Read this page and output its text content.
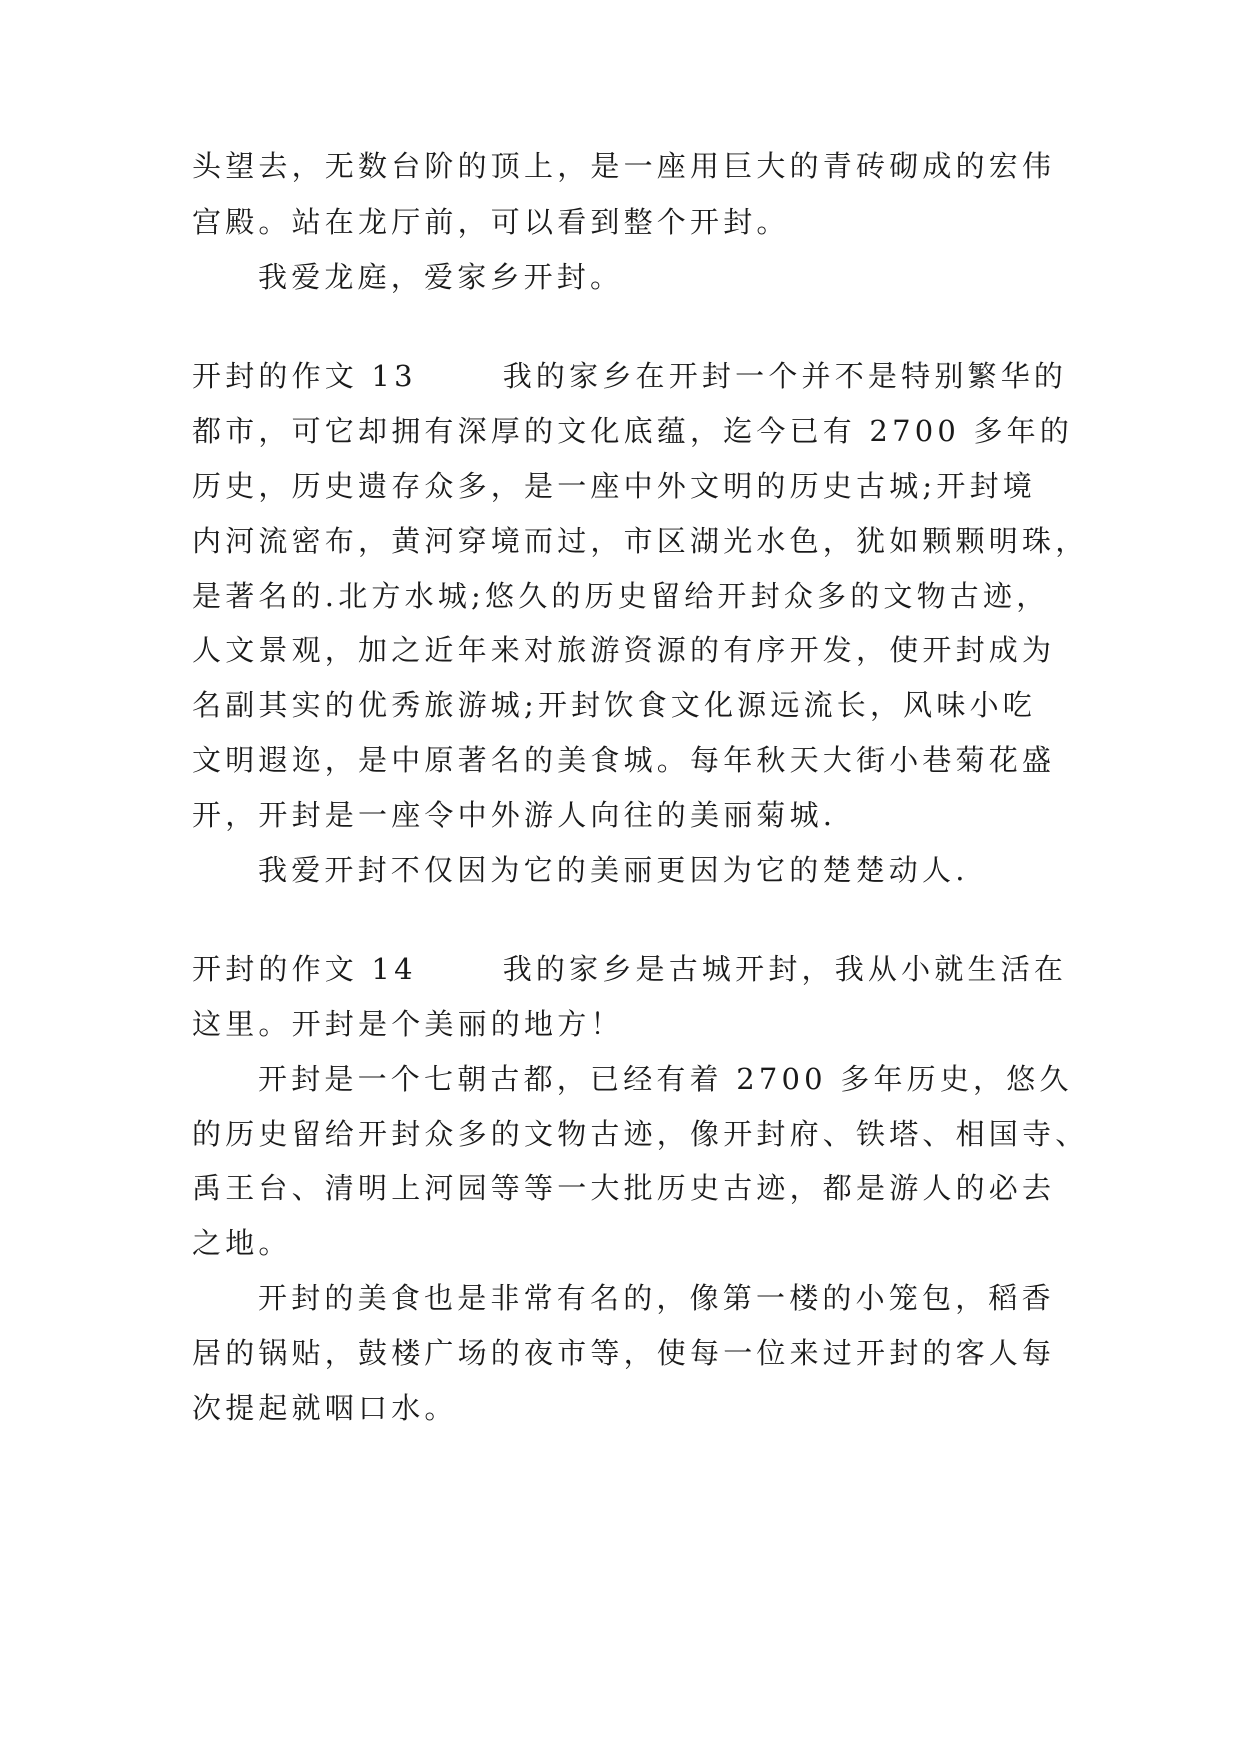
头望去，无数台阶的顶上，是一座用巨大的青砖砌成的宏伟
宫殿。站在龙厅前，可以看到整个开封。
我爱龙庭，爱家乡开封。
开封的作文 13	我的家乡在开封一个并不是特别繁华的
都市，可它却拥有深厚的文化底蕴，迄今已有 2700 多年的
历史，历史遗存众多，是一座中外文明的历史古城;开封境
内河流密布，黄河穿境而过，市区湖光水色，犹如颗颗明珠，
是著名的.北方水城;悠久的历史留给开封众多的文物古迹，
人文景观，加之近年来对旅游资源的有序开发，使开封成为
名副其实的优秀旅游城;开封饮食文化源远流长，风味小吃
文明遐迩，是中原著名的美食城。每年秋天大街小巷菊花盛
开，开封是一座令中外游人向往的美丽菊城.
我爱开封不仅因为它的美丽更因为它的楚楚动人.
开封的作文 14	我的家乡是古城开封，我从小就生活在
这里。开封是个美丽的地方！
开封是一个七朝古都，已经有着 2700 多年历史，悠久
的历史留给开封众多的文物古迹，像开封府、铁塔、相国寺、
禹王台、清明上河园等等一大批历史古迹，都是游人的必去
之地。
开封的美食也是非常有名的，像第一楼的小笼包，稻香
居的锅贴，鼓楼广场的夜市等，使每一位来过开封的客人每
次提起就咽口水。
